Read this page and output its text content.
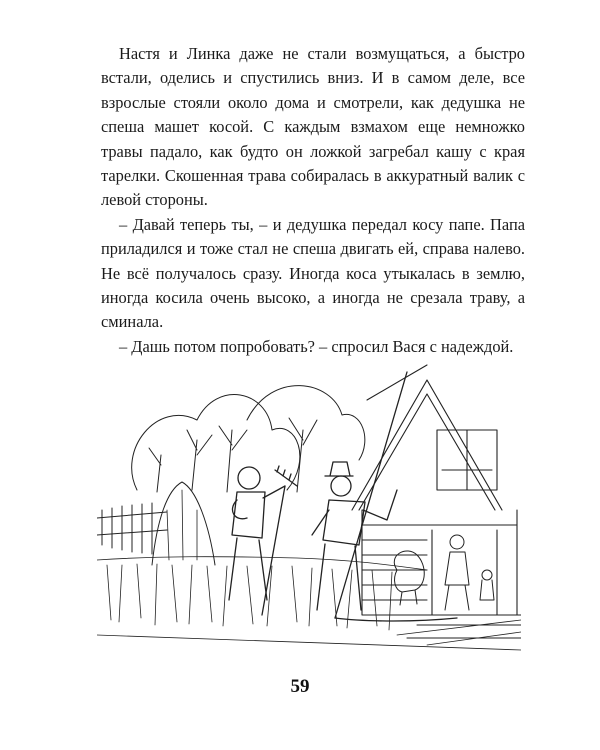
Настя и Линка даже не стали возмущаться, а быстро встали, оделись и спустились вниз. И в самом деле, все взрослые стояли около дома и смотрели, как дедушка не спеша машет косой. С каждым взмахом еще немножко травы падало, как будто он ложкой загребал кашу с края тарелки. Скошенная трава собиралась в аккуратный валик с левой стороны.

– Давай теперь ты, – и дедушка передал косу папе. Папа приладился и тоже стал не спеша двигать ей, справа налево. Не всё получалось сразу. Иногда коса утыкалась в землю, иногда косила очень высоко, а иногда не срезала траву, а сминала.

– Дашь потом попробовать? – спросил Вася с надеждой.

59
